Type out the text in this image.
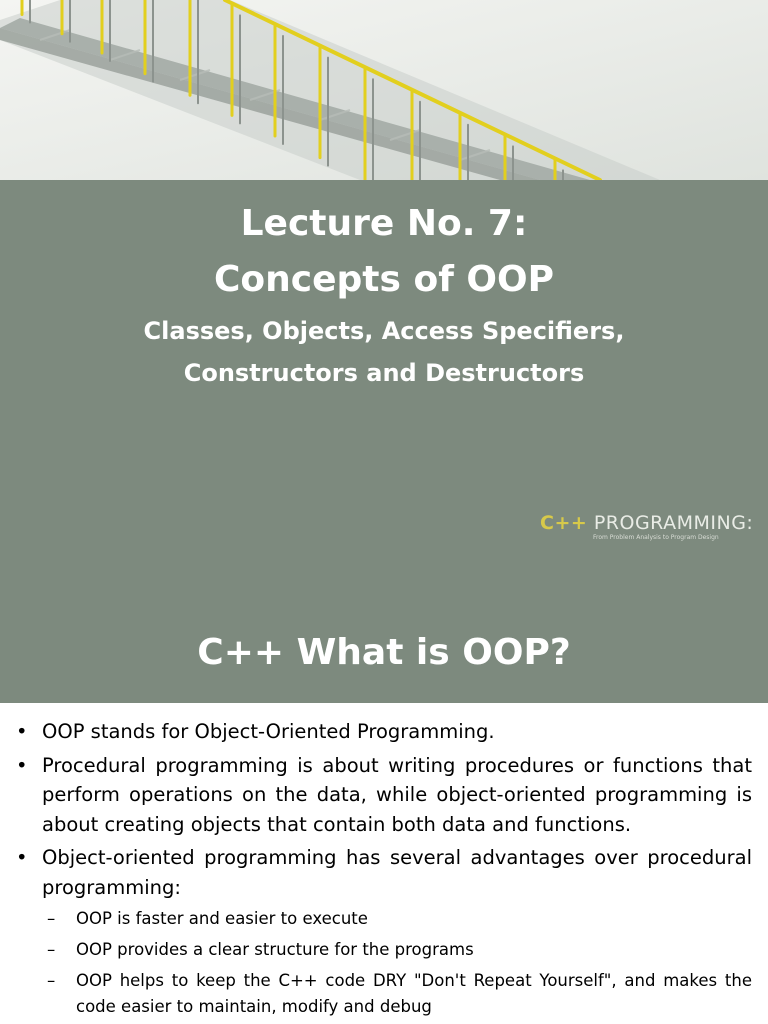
Lecture No. 7:
Concepts of OOP
Classes, Objects, Access Specifiers,
Constructors and Destructors
C++ PROGRAMMING:
From Problem Analysis to Program Design
C++ What is OOP?
• OOP stands for Object-Oriented Programming.
• Procedural programming is about writing procedures or functions that perform operations on the data, while object-oriented programming is about creating objects that contain both data and functions.
• Object-oriented programming has several advantages over procedural programming:
– OOP is faster and easier to execute
– OOP provides a clear structure for the programs
– OOP helps to keep the C++ code DRY "Don't Repeat Yourself", and makes the code easier to maintain, modify and debug
